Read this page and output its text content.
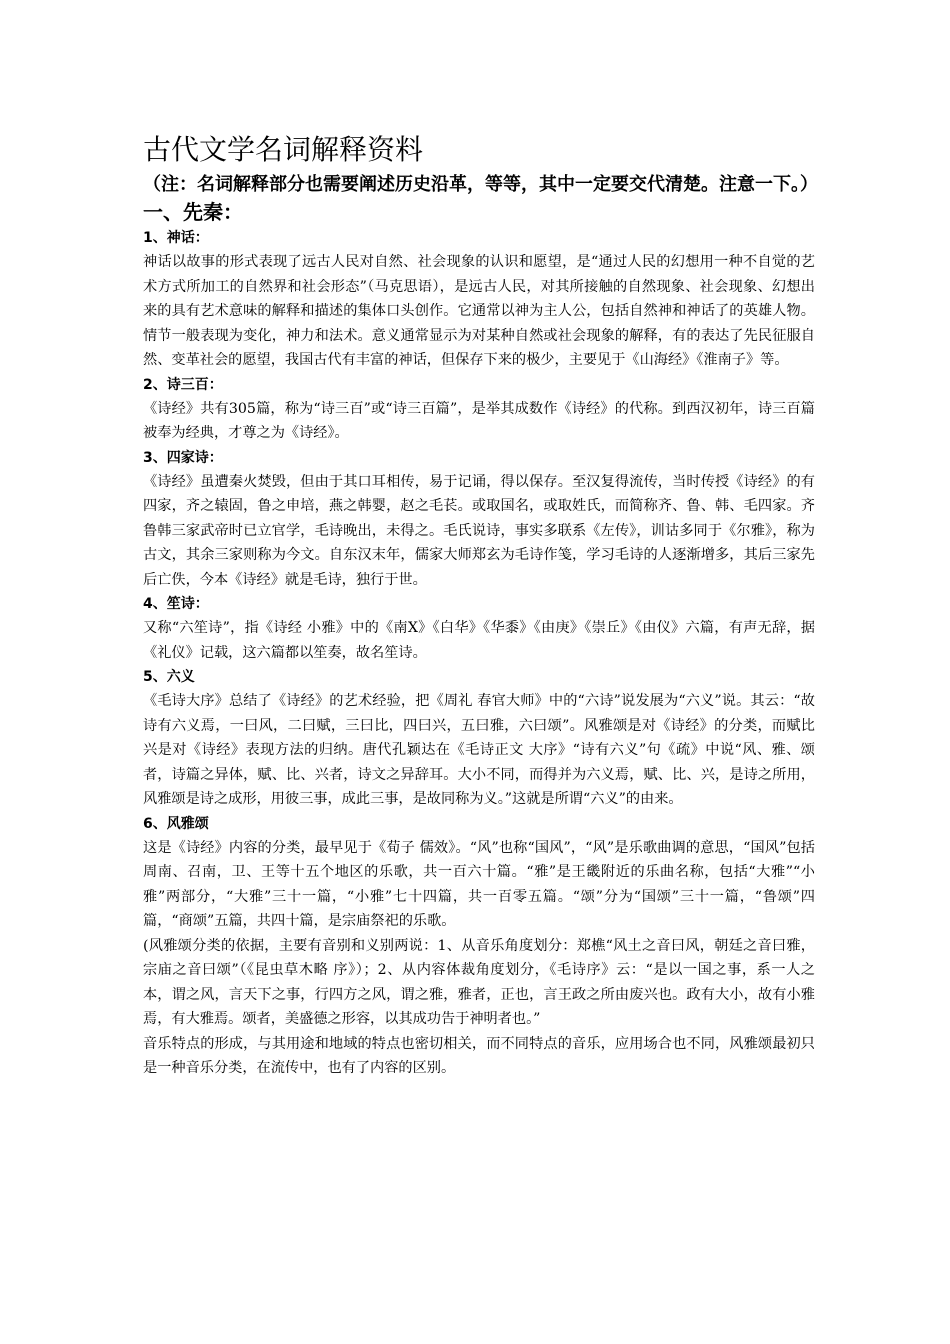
古代文学名词解释资料

（注：名词解释部分也需要阐述历史沿革，等等，其中一定要交代清楚。注意一下。）

一、先秦：
1、神话：

神话以故事的形式表现了远古人民对自然、社会现象的认识和愿望，是“通过人民的幻想用一种不自觉的艺术方式所加工的自然界和社会形态”（马克思语），是远古人民，对其所接触的自然现象、社会现象、幻想出来的具有艺术意味的解释和描述的集体口头创作。它通常以神为主人公，包括自然神和神话了的英雄人物。情节一般表现为变化，神力和法术。意义通常显示为对某种自然或社会现象的解释，有的表达了先民征服自然、变革社会的愿望，我国古代有丰富的神话，但保存下来的极少，主要见于《山海经》《淮南子》等。

2、诗三百：

《诗经》共有305篇，称为“诗三百”或“诗三百篇”，是举其成数作《诗经》的代称。到西汉初年，诗三百篇被奉为经典，才尊之为《诗经》。

3、四家诗：

《诗经》虽遭秦火焚毁，但由于其口耳相传，易于记诵，得以保存。至汉复得流传，当时传授《诗经》的有四家，齐之辕固，鲁之申培，燕之韩婴，赵之毛苌。或取国名，或取姓氏，而简称齐、鲁、韩、毛四家。齐鲁韩三家武帝时已立官学，毛诗晚出，未得之。毛氏说诗，事实多联系《左传》，训诂多同于《尔雅》，称为古文，其余三家则称为今文。自东汉末年，儒家大师郑玄为毛诗作笺，学习毛诗的人逐渐增多，其后三家先后亡佚，今本《诗经》就是毛诗，独行于世。

4、笙诗：

又称“六笙诗”，指《诗经 小雅》中的《南X》《白华》《华黍》《由庚》《崇丘》《由仪》六篇，有声无辞，据《礼仪》记载，这六篇都以笙奏，故名笙诗。

5、六义

《毛诗大序》总结了《诗经》的艺术经验，把《周礼 春官大师》中的“六诗”说发展为“六义”说。其云：“故诗有六义焉，一曰风，二曰赋，三曰比，四曰兴，五曰雅，六曰颂”。风雅颂是对《诗经》的分类，而赋比兴是对《诗经》表现方法的归纳。唐代孔颖达在《毛诗正文 大序》“诗有六义”句《疏》中说“风、雅、颂者，诗篇之异体，赋、比、兴者，诗文之异辞耳。大小不同，而得并为六义焉，赋、比、兴，是诗之所用，风雅颂是诗之成形，用彼三事，成此三事，是故同称为义。”这就是所谓“六义”的由来。

6、风雅颂

这是《诗经》内容的分类，最早见于《荀子 儒效》。“风”也称“国风”，“风”是乐歌曲调的意思，“国风”包括周南、召南，卫、王等十五个地区的乐歌，共一百六十篇。“雅”是王畿附近的乐曲名称，包括“大雅”“小雅”两部分，“大雅”三十一篇，“小雅”七十四篇，共一百零五篇。“颂”分为“国颂”三十一篇，“鲁颂”四篇，“商颂”五篇，共四十篇，是宗庙祭祀的乐歌。

(风雅颂分类的依据，主要有音别和义别两说：1、从音乐角度划分：郑樵“风土之音曰风，朝廷之音曰雅，宗庙之音曰颂”（《昆虫草木略 序》）；2、从内容体裁角度划分，《毛诗序》云：“是以一国之事，系一人之本，谓之风，言天下之事，行四方之风，谓之雅，雅者，正也，言王政之所由废兴也。政有大小，故有小雅焉，有大雅焉。颂者，美盛德之形容，以其成功告于神明者也。”

音乐特点的形成，与其用途和地域的特点也密切相关，而不同特点的音乐，应用场合也不同，风雅颂最初只是一种音乐分类，在流传中，也有了内容的区别。
